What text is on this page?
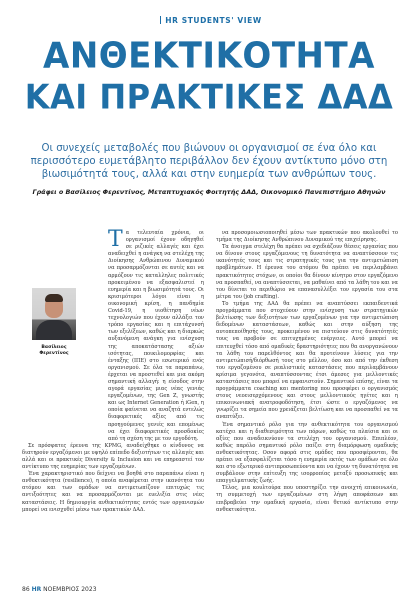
HR STUDENTS' VIEW
ΑΝΘΕΚΤΙΚΟΤΗΤΑ
ΚΑΙ ΠΡΑΚΤΙΚΕΣ ΔΑΔ
Οι συνεχείς μεταβολές που βιώνουν οι οργανισμοί σε ένα όλο και περισσότερο ευμετάβλητο περιβάλλον δεν έχουν αντίκτυπο μόνο στη βιωσιμότητά τους, αλλά και στην ευημερία των ανθρώπων τους.
Γράφει ο Βασίλειος Φερεντίνος, Μεταπτυχιακός Φοιτητής ΔΑΔ, Οικονομικό Πανεπιστήμιο Αθηνών
Βασίλειος
Φερεντίνος
Τ α τελευταία χρόνια, οι οργανισμοί έχουν οδηγηθεί σε ριζικές αλλαγές και έχει αναδειχθεί η ανάγκη να στελέχη της Διοίκησης Ανθρώπινου Δυναμικού να προσαρμόζονται σε αυτές και να αρμόζουν τις καταλληλες πολιτικές προκειμένου να εξασφαλιστεί η ευημερία και η βιωσιμότητά τους. Οι κρισιμότεροι λόγοι είναι η οικονομική κρίση, η πανδημία Covid-19, η υιοθέτηση νέων τεχνολογιών που έχουν αλλάξει τον τρόπο εργασίας και η επιτάχυνσή των εξελίξεων, καθώς και η διαρκώς αυξανόμενη ανάγκη για ενίσχυση της αποκατάστασης αξιών ισότητας, ποικιλομορφίας και ένταξης (ΙΠΕ) στο εσωτερικό ενός οργανισμού. Σε όλα τα παραπάνω, έρχεται να προστεθεί και μια ακόμη σημαντική αλλαγή: η είσοδος στην αγορά εργασίας μιας νέας γενιάς εργαζομένων, της Gen Z, γνωστής και ως Internet Generation ή iGen, η οποία φαίνεται να αναζητά εντελώς διαφορετικές αξίες από τις προηγούμενες γενιές και επομένως να έχει διαφορετικές προσδοκίες από τη σχέση της με τον εργοδότη.

Σε πρόσφατες έρευνα της KPMG, αναδείχθηκε ο κίνδυνος να διατηρούν εργαζόμενοι με υψηλό επίπεδο δεξιοτήτων τις αλλαγές και αλλά και οι πρακτικές Diversity & Inclusion και να επηρεαστεί τον αντίκτυπο της ευημερίας των εργαζομένων.

Ένα χαρακτηριστικό που δείχνει να βοηθά στο παραπάνω είναι η ανθεκτικότητα (resilience), η οποία αναφέρεται στην ικανότητα του ατόμου και των ομάδων να αντιμετωπίζουν επιτυχώς τις αντιξοότητες και να προσαρμόζονται με ευελιξία στις νέες καταστάσεις. Η δημιουργία ανθεκτικότητας εντός των οργανισμών μπορεί να ενισχυθεί μέσω των πρακτικών ΔΑΔ.

να προσομοιωσιοποιηθεί μέσω των πρακτικών που ακολουθεί το τμήμα της Διοίκησης Ανθρώπινου Δυναμικού της επιχείρησης.

Τα άνοιγμα στελέχη θα πρέπει να σχεδιάζουν θέσεις εργασίας που να δίνουν στους εργαζόμενους τη δυνατότητα να αναπτύσσουν τις ικανότητές τους και τις στρατηγικές τους για την αντιμετώπιση προβλημάτων. Η έρευνα του ατόμου θα πρέπει να περιλαμβάνει πρακτικότητες στόχων, οι οποίοι θα δίνουν κίνητρο στον εργαζόμενο να προσπαθεί, να αναπτύσσεται, να μαθαίνει από τα λάθη του και να του δίνεται το περιθώριο να επανασυλλέξει τον εργασία του στα μέτρα του (job crafting).

Το τμήμα της ΔΑΔ θα πρέπει να αναπτύσσει εκπαιδευτικά προγράμματα που στοχεύουν στην ενίσχυση των στρατηγικών βελτίωσης των δεξιοτήτων των εργαζομένων για την αντιμετώπιση δεδομένων καταστάσεων, καθώς και στην αύξηση της αυτοπεποίθησής τους, προκειμένου να πιστεύουν στις δυνατότητές τους να προβούν σε επιτυχημένες ενέργειες. Αυτό μπορεί να επιτευχθεί τόσο από ομαδικές δραστηριότητες που θα ανοργανώνουν τα λάθη του παρελθόντος και θα προτείνουν λύσεις για την αντιμετώπισή/διόρθωσή τους στο μέλλον, όσο και από την έκθεση του εργαζομένου σε ρεαλιστικές καταστάσεις που περιλαμβάνουν κρίσιμα γεγονότα, αναπτύσσοντας έτσι άμεσες για μελλοντικές καταστάσεις που μπορεί να εμφανιστούν. Σημαντικό επίσης, είναι τα προγράμματα coaching και mentoring που προσφέρει ο οργανισμός στους νεοεισερχόμενους και στους μελλοντικούς ηγέτες και η επικοινωνιακή ανατροφοδότηση, έτσι ώστε ο εργαζόμενος να γνωρίζει τα σημεία που χρειάζεται βελτίωση και να προσπαθεί να τα αναπτύξει.

Ένα σημαντικό ρόλο για την ανθεκτικότητα του οργανισμού κατέχει και η διαθεσιμότητα των πόρων, καθώς τα πλαίσια και οι αξίες που αναδεικνύουν τα στελέχη του οργανισμού. Επιπλέον, καθώς παρόλο σημαντικό ρόλο παίζει στη διαμόρφωση ομαδικής ανθεκτικότητας. Οσον αφορά στις ομάδες που προσφέρονται, θα πρέπει να εξασφαλίζεται τόσο η ευημερία εκτός των ομάδων σε όλο και στο εξωτερικό αντιπροσωπεύοντα και να έχουν τη δυνατότητα να συμβάλουν στην επίτευξη της ισορροπίας μεταξύ προσωπικής και επαγγελματικής ζωής.

Τέλος, μια κουλτούρα που υποστηρίζει την ανοιχτή επικοινωνία, τη συμμετοχή των εργαζομένων στη λήψη αποφάσεων και επιβραβεύει την ομαδική εργασία, είναι θετικό αντίκτυπο στην ανθεκτικότητα.

86 HR ΝΟΕΜΒΡΙΟΣ 2023
